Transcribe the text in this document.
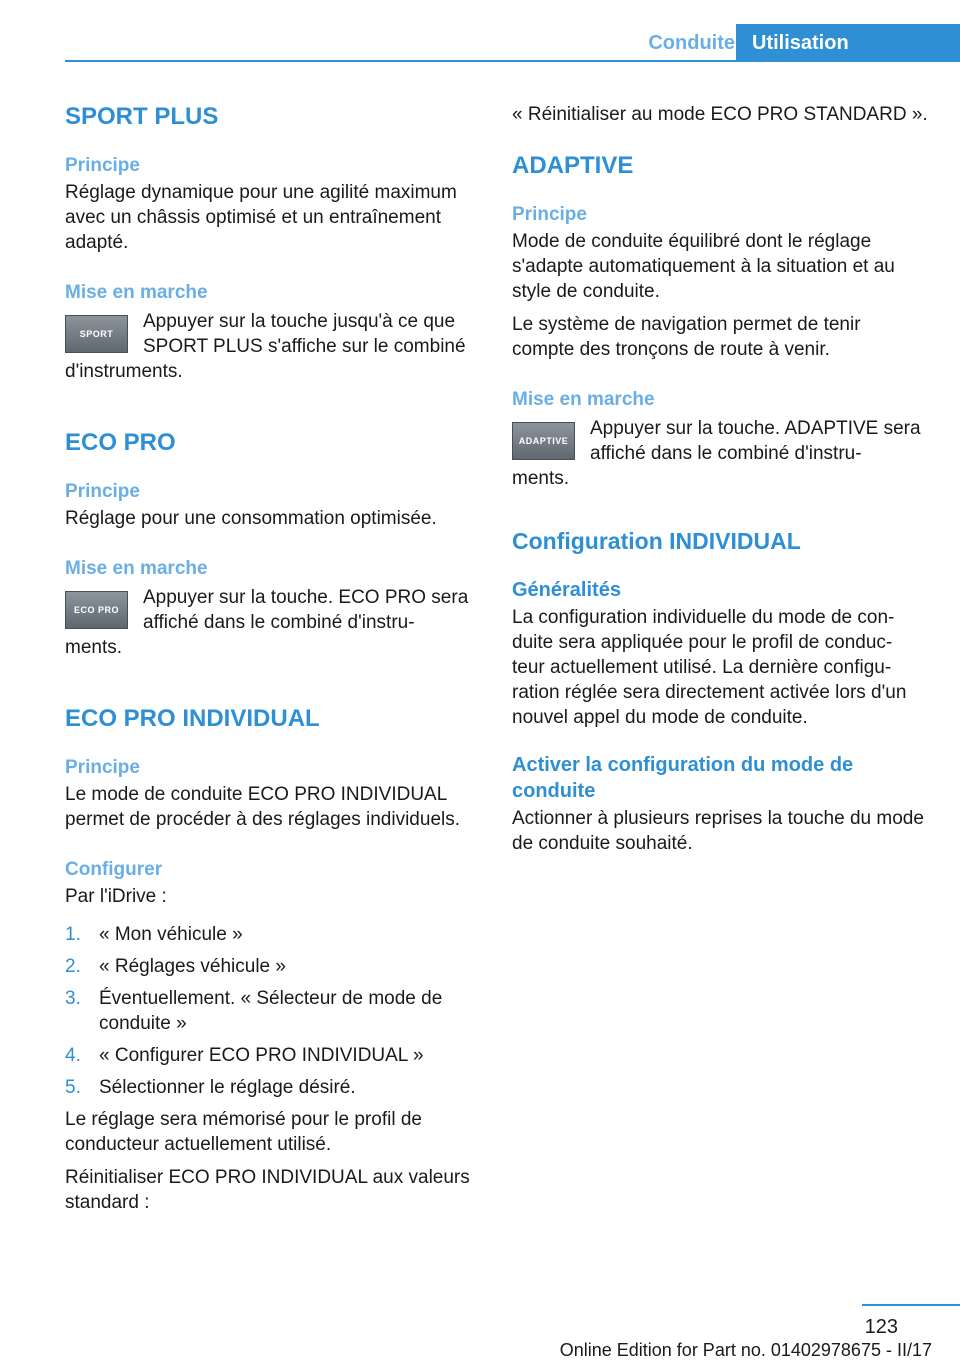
Conduite Utilisation
SPORT PLUS
Principe

Réglage dynamique pour une agilité maximum avec un châssis optimisé et un entraînement adapté.

Mise en marche
SPORT

Appuyer sur la touche jusqu'à ce que SPORT PLUS s'affiche sur le combiné

d'instruments.

ECO PRO
Principe

Réglage pour une consommation optimisée.

Mise en marche
ECO PRO

Appuyer sur la touche. ECO PRO sera affiché dans le combiné d'instru-

ments.

ECO PRO INDIVIDUAL
Principe

Le mode de conduite ECO PRO INDIVIDUAL permet de procéder à des réglages individuels.

Configurer

Par l'iDrive :

1. « Mon véhicule »
2. « Réglages véhicule »
3. Éventuellement. « Sélecteur de mode de conduite »
4. « Configurer ECO PRO INDIVIDUAL »
5. Sélectionner le réglage désiré.

Le réglage sera mémorisé pour le profil de conducteur actuellement utilisé.

Réinitialiser ECO PRO INDIVIDUAL aux valeurs standard :

« Réinitialiser au mode ECO PRO STANDARD ».

ADAPTIVE
Principe

Mode de conduite équilibré dont le réglage s'adapte automatiquement à la situation et au style de conduite.

Le système de navigation permet de tenir compte des tronçons de route à venir.

Mise en marche
ADAPTIVE

Appuyer sur la touche. ADAPTIVE sera affiché dans le combiné d'instru-

ments.

Configuration INDIVIDUAL
Généralités

La configuration individuelle du mode de con- duite sera appliquée pour le profil de conduc- teur actuellement utilisé. La dernière configu- ration réglée sera directement activée lors d'un nouvel appel du mode de conduite.

Activer la configuration du mode de conduite

Actionner à plusieurs reprises la touche du mode de conduite souhaité.

123
Online Edition for Part no. 01402978675 - II/17
